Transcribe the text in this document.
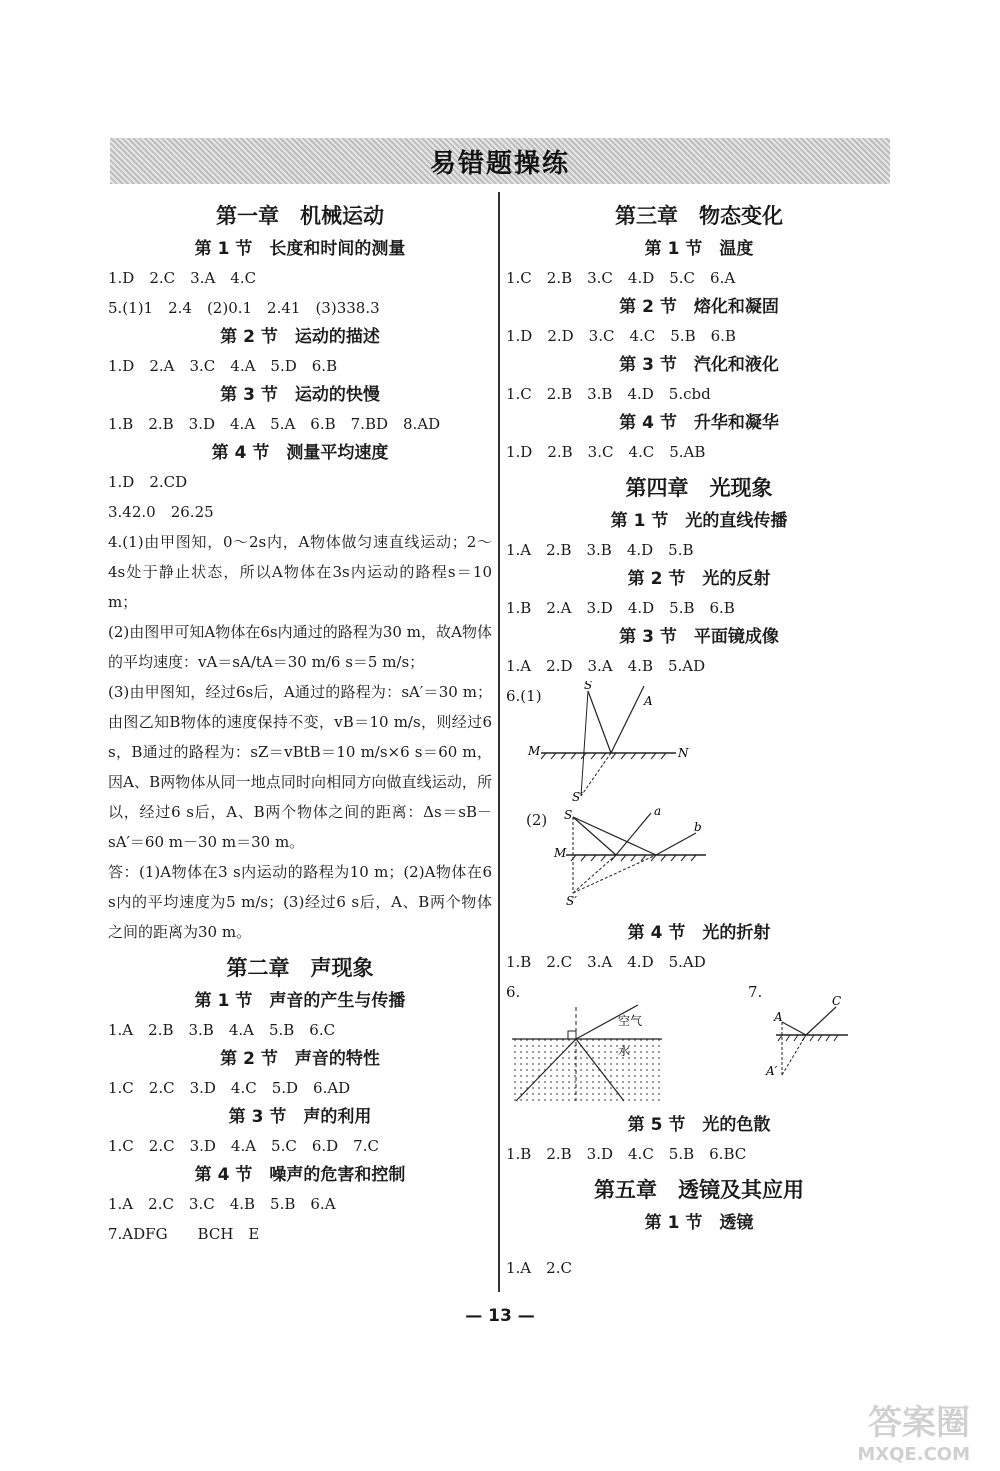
易错题操练
第一章　机械运动
第 1 节　长度和时间的测量
1.D　2.C　3.A　4.C
5.(1)1　2.4　(2)0.1　2.41　(3)338.3
第 2 节　运动的描述
1.D　2.A　3.C　4.A　5.D　6.B
第 3 节　运动的快慢
1.B　2.B　3.D　4.A　5.A　6.B　7.BD　8.AD
第 4 节　测量平均速度
1.D　2.CD
3.42.0　26.25
4.(1)由甲图知，0～2s内，A物体做匀速直线运动；2～4s处于静止状态，所以A物体在3s内运动的路程s＝10 m；
(2)由图甲可知A物体在6s内通过的路程为30 m，故A物体的平均速度：vA＝sA/tA＝30 m/6 s＝5 m/s；
(3)由甲图知，经过6s后，A通过的路程为：sA′＝30 m；由图乙知B物体的速度保持不变，vB＝10 m/s，则经过6 s，B通过的路程为：sZ＝vBtB＝10 m/s×6 s＝60 m，因A、B两物体从同一地点同时向相同方向做直线运动，所以，经过6 s后，A、B两个物体之间的距离：Δs＝sB－sA′＝60 m－30 m＝30 m。
答：(1)A物体在3 s内运动的路程为10 m；(2)A物体在6 s内的平均速度为5 m/s；(3)经过6 s后，A、B两个物体之间的距离为30 m。
第二章　声现象
第 1 节　声音的产生与传播
1.A　2.B　3.B　4.A　5.B　6.C
第 2 节　声音的特性
1.C　2.C　3.D　4.C　5.D　6.AD
第 3 节　声的利用
1.C　2.C　3.D　4.A　5.C　6.D　7.C
第 4 节　噪声的危害和控制
1.A　2.C　3.C　4.B　5.B　6.A
7.ADFG　　BCH　E
第三章　物态变化
第 1 节　温度
1.C　2.B　3.C　4.D　5.C　6.A
第 2 节　熔化和凝固
1.D　2.D　3.C　4.C　5.B　6.B
第 3 节　汽化和液化
1.C　2.B　3.B　4.D　5.cbd
第 4 节　升华和凝华
1.D　2.B　3.C　4.C　5.AB
第四章　光现象
第 1 节　光的直线传播
1.A　2.B　3.B　4.D　5.B
第 2 节　光的反射
1.B　2.A　3.D　4.D　5.B　6.B
第 3 节　平面镜成像
1.A　2.D　3.A　4.B　5.AD
6.(1)
S
A
M	N
S′
(2) S	a
b
M
S′
第 4 节　光的折射
1.B　2.C　3.A　4.D　5.AD
6.	7.
空气
水
A
C
A′
第 5 节　光的色散
1.B　2.B　3.D　4.C　5.B　6.BC
第五章　透镜及其应用
第 1 节　透镜
1.A　2.C
— 13 —
答案圈
MXQE.COM
